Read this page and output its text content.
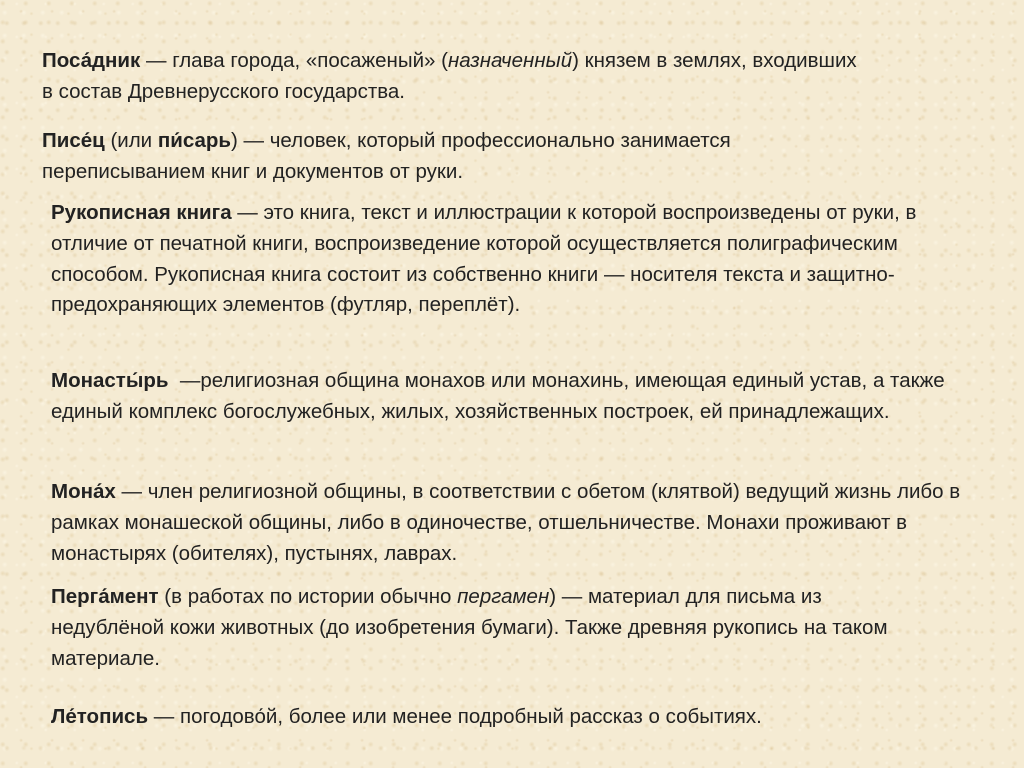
Поса́дник — глава города, «посаженый» (назначенный) князем в землях, входивших в состав Древнерусского государства.

Писе́ц (или пи́сарь) — человек, который профессионально занимается переписыванием книг и документов от руки.

Рукописная книга — это книга, текст и иллюстрации к которой воспроизведены от руки, в отличие от печатной книги, воспроизведение которой осуществляется полиграфическим способом. Рукописная книга состоит из собственно книги — носителя текста и защитно-предохраняющих элементов (футляр, переплёт).

Монасты́рь  —религиозная община монахов или монахинь, имеющая единый устав, а также единый комплекс богослужебных, жилых, хозяйственных построек, ей принадлежащих.

Мона́х — член религиозной общины, в соответствии с обетом (клятвой) ведущий жизнь либо в рамках монашеской общины, либо в одиночестве, отшельничестве. Монахи проживают в монастырях (обителях), пустынях, лаврах.

Перга́мент (в работах по истории обычно пергамен) — материал для письма из недублёной кожи животных (до изобретения бумаги). Также древняя рукопись на таком материале.

Ле́топись — погодово́й, более или менее подробный рассказ о событиях.
